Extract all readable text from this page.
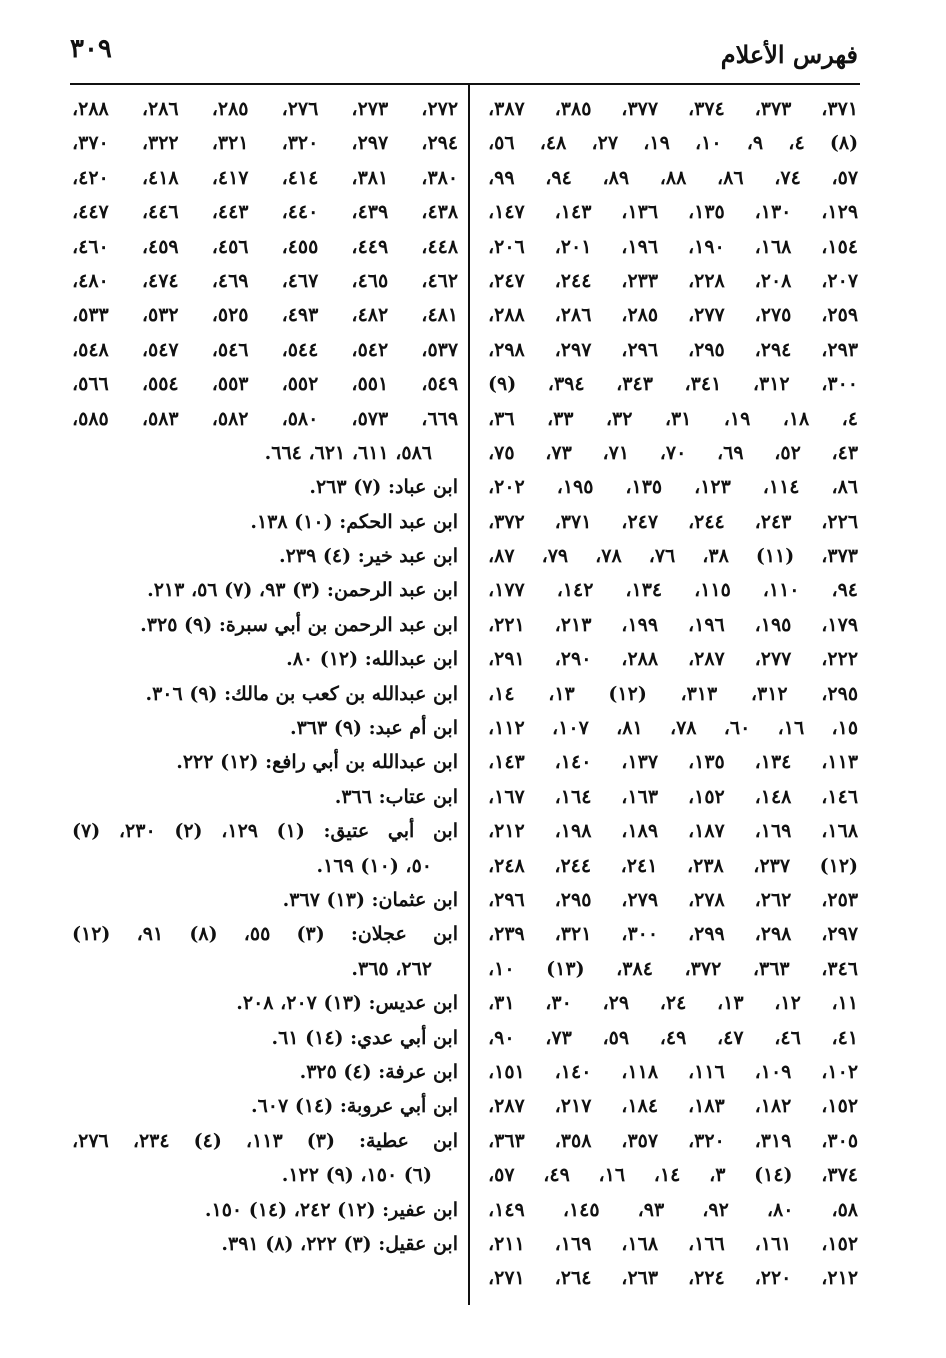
فهرس الأعلام
٣٠٩
٣٧١، ٣٧٣، ٣٧٤، ٣٧٧، ٣٨٥، ٣٨٧،
(٨) ٤، ٩، ١٠، ١٩، ٢٧، ٤٨، ٥٦،
٥٧، ٧٤، ٨٦، ٨٨، ٨٩، ٩٤، ٩٩،
١٢٩، ١٣٠، ١٣٥، ١٣٦، ١٤٣، ١٤٧،
١٥٤، ١٦٨، ١٩٠، ١٩٦، ٢٠١، ٢٠٦،
٢٠٧، ٢٠٨، ٢٢٨، ٢٣٣، ٢٤٤، ٢٤٧،
٢٥٩، ٢٧٥، ٢٧٧، ٢٨٥، ٢٨٦، ٢٨٨،
٢٩٣، ٢٩٤، ٢٩٥، ٢٩٦، ٢٩٧، ٢٩٨،
٣٠٠، ٣١٢، ٣٤١، ٣٤٣، ٣٩٤، (٩)
٤، ١٨، ١٩، ٣١، ٣٢، ٣٣، ٣٦،
٤٣، ٥٢، ٦٩، ٧٠، ٧١، ٧٣، ٧٥،
٨٦، ١١٤، ١٢٣، ١٣٥، ١٩٥، ٢٠٢،
٢٢٦، ٢٤٣، ٢٤٤، ٢٤٧، ٣٧١، ٣٧٢،
٣٧٣، (١١) ٣٨، ٧٦، ٧٨، ٧٩، ٨٧،
٩٤، ١١٠، ١١٥، ١٣٤، ١٤٢، ١٧٧،
١٧٩، ١٩٥، ١٩٦، ١٩٩، ٢١٣، ٢٢١،
٢٢٢، ٢٧٧، ٢٨٧، ٢٨٨، ٢٩٠، ٢٩١،
٢٩٥، ٣١٢، ٣١٣، (١٢) ١٣، ١٤،
١٥، ١٦، ٦٠، ٧٨، ٨١، ١٠٧، ١١٢،
١١٣، ١٣٤، ١٣٥، ١٣٧، ١٤٠، ١٤٣،
١٤٦، ١٤٨، ١٥٢، ١٦٣، ١٦٤، ١٦٧،
١٦٨، ١٦٩، ١٨٧، ١٨٩، ١٩٨، ٢١٢،
(١٢) ٢٣٧، ٢٣٨، ٢٤١، ٢٤٤، ٢٤٨،
٢٥٣، ٢٦٢، ٢٧٨، ٢٧٩، ٢٩٥، ٢٩٦،
٢٩٧، ٢٩٨، ٢٩٩، ٣٠٠، ٣٢١، ٢٣٩،
٣٤٦، ٣٦٣، ٣٧٢، ٣٨٤، (١٣) ١٠،
١١، ١٢، ١٣، ٢٤، ٢٩، ٣٠، ٣١،
٤١، ٤٦، ٤٧، ٤٩، ٥٩، ٧٣، ٩٠،
١٠٢، ١٠٩، ١١٦، ١١٨، ١٤٠، ١٥١،
١٥٢، ١٨٢، ١٨٣، ١٨٤، ٢١٧، ٢٨٧،
٣٠٥، ٣١٩، ٣٢٠، ٣٥٧، ٣٥٨، ٣٦٣،
٣٧٤، (١٤) ٣، ١٤، ١٦، ٤٩، ٥٧،
٥٨، ٨٠، ٩٢، ٩٣، ١٤٥، ١٤٩،
١٥٢، ١٦١، ١٦٦، ١٦٨، ١٦٩، ٢١١،
٢١٢، ٢٢٠، ٢٢٤، ٢٦٣، ٢٦٤، ٢٧١،
٢٧٢، ٢٧٣، ٢٧٦، ٢٨٥، ٢٨٦، ٢٨٨،
٢٩٤، ٢٩٧، ٣٢٠، ٣٢١، ٣٢٢، ٣٧٠،
٣٨٠، ٣٨١، ٤١٤، ٤١٧، ٤١٨، ٤٢٠،
٤٣٨، ٤٣٩، ٤٤٠، ٤٤٣، ٤٤٦، ٤٤٧،
٤٤٨، ٤٤٩، ٤٥٥، ٤٥٦، ٤٥٩، ٤٦٠،
٤٦٢، ٤٦٥، ٤٦٧، ٤٦٩، ٤٧٤، ٤٨٠،
٤٨١، ٤٨٢، ٤٩٣، ٥٢٥، ٥٣٢، ٥٣٣،
٥٣٧، ٥٤٢، ٥٤٤، ٥٤٦، ٥٤٧، ٥٤٨،
٥٤٩، ٥٥١، ٥٥٢، ٥٥٣، ٥٥٤، ٥٦٦،
٦٦٩، ٥٧٣، ٥٨٠، ٥٨٢، ٥٨٣، ٥٨٥،
٥٨٦، ٦١١، ٦٢١، ٦٦٤.
ابن عباد: (٧) ٢٦٣.
ابن عبد الحكم: (١٠) ١٣٨.
ابن عبد خير: (٤) ٢٣٩.
ابن عبد الرحمن: (٣) ٩٣، (٧) ٥٦، ٢١٣.
ابن عبد الرحمن بن أبي سبرة: (٩) ٣٢٥.
ابن عبدالله: (١٢) ٨٠.
ابن عبدالله بن كعب بن مالك: (٩) ٣٠٦.
ابن أم عبد: (٩) ٣٦٣.
ابن عبدالله بن أبي رافع: (١٢) ٢٢٢.
ابن عتاب: ٣٦٦.
ابن أبي عتيق: (١) ١٢٩، (٢) ٢٣٠، (٧)
٥٠، (١٠) ١٦٩.
ابن عثمان: (١٣) ٣٦٧.
ابن عجلان: (٣) ٥٥، (٨) ٩١، (١٢)
٢٦٢، ٣٦٥.
ابن عديس: (١٣) ٢٠٧، ٢٠٨.
ابن أبي عدي: (١٤) ٦١.
ابن عرفة: (٤) ٣٢٥.
ابن أبي عروبة: (١٤) ٦٠٧.
ابن عطية: (٣) ١١٣، (٤) ٢٣٤، ٢٧٦،
(٦) ١٥٠، (٩) ١٢٢.
ابن عفير: (١٢) ٢٤٢، (١٤) ١٥٠.
ابن عقيل: (٣) ٢٢٢، (٨) ٣٩١.
